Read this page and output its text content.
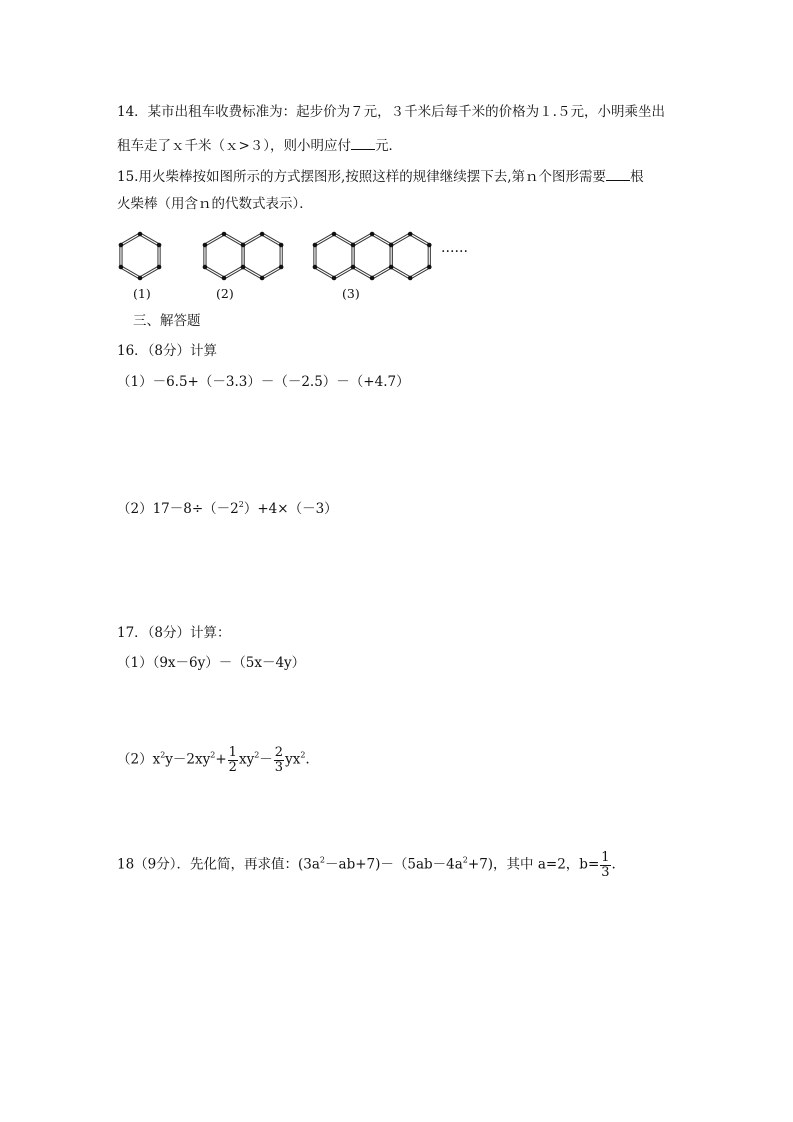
14．某市出租车收费标准为：起步价为７元，３千米后每千米的价格为１.５元，小明乘坐出
租车走了ｘ千米（ｘ>３），则小明应付 元．
15.用火柴棒按如图所示的方式摆图形,按照这样的规律继续摆下去,第ｎ个图形需要 根
火柴棒（用含ｎ的代数式表示）．
(1)	(2)	(3)
……
三、解答题
16．（8分）计算
（1）－6.5+（－3.3）－（－2.5）－（+4.7）
$(2)17-8\div(-2^2)+4\times(-3)$
17．（8分）计算：
（1）（9x－6y）－（5x－4y）
$(2)x^2y-2xy^2+ \frac{1}{2} xy^2- \frac{2}{3} yx^2$.
18（9分）．先化简，再求值：$(3a^2-ab+7)-(5ab-4a^2+7)$，其中 a=2，$b= \frac{1}{3}$ .
